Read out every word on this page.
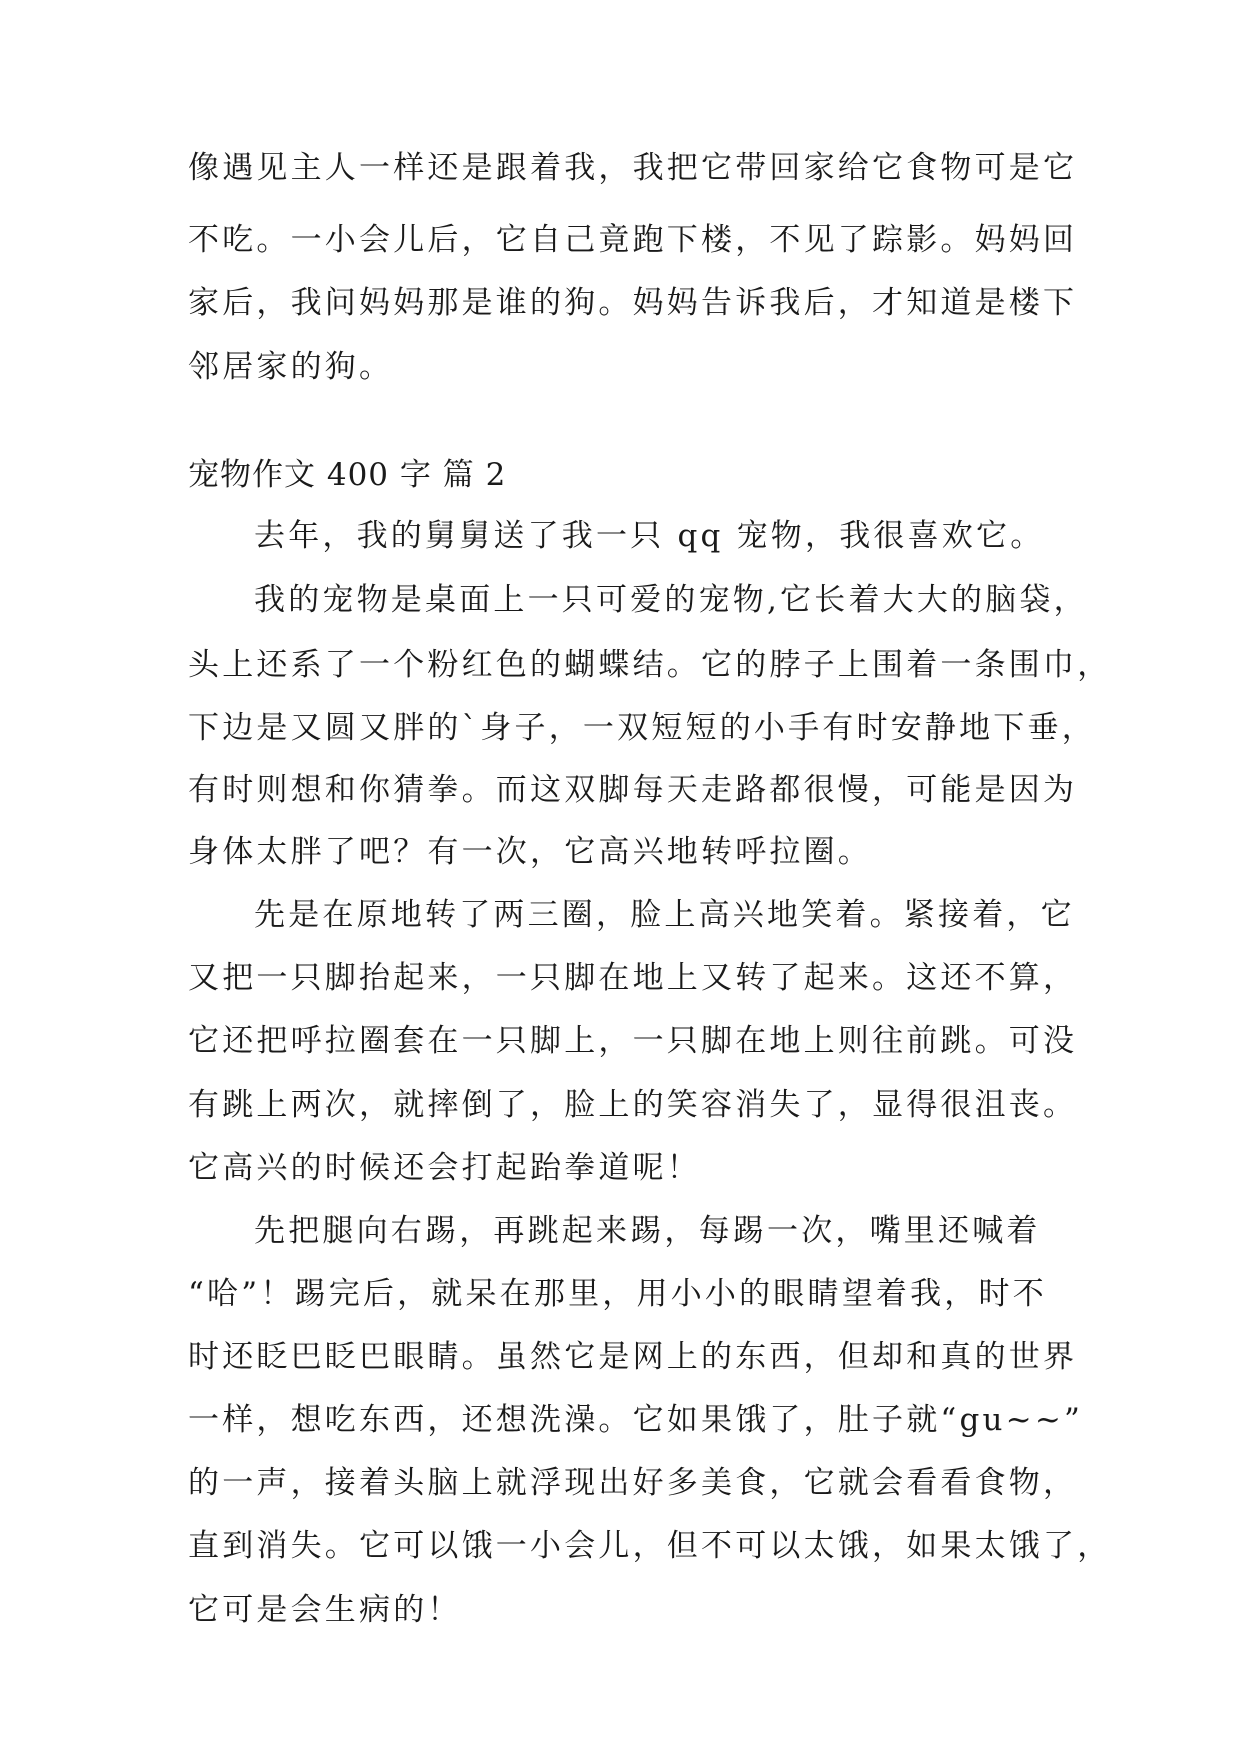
像遇见主人一样还是跟着我，我把它带回家给它食物可是它
不吃。一小会儿后，它自己竟跑下楼，不见了踪影。妈妈回
家后，我问妈妈那是谁的狗。妈妈告诉我后，才知道是楼下
邻居家的狗。
宠物作文 400 字 篇 2
去年，我的舅舅送了我一只 qq 宠物，我很喜欢它。
我的宠物是桌面上一只可爱的宠物,它长着大大的脑袋，
头上还系了一个粉红色的蝴蝶结。它的脖子上围着一条围巾，
下边是又圆又胖的`身子，一双短短的小手有时安静地下垂，
有时则想和你猜拳。而这双脚每天走路都很慢，可能是因为
身体太胖了吧？有一次，它高兴地转呼拉圈。
先是在原地转了两三圈，脸上高兴地笑着。紧接着，它
又把一只脚抬起来，一只脚在地上又转了起来。这还不算，
它还把呼拉圈套在一只脚上，一只脚在地上则往前跳。可没
有跳上两次，就摔倒了，脸上的笑容消失了，显得很沮丧。
它高兴的时候还会打起跆拳道呢！
先把腿向右踢，再跳起来踢，每踢一次，嘴里还喊着
“哈”！踢完后，就呆在那里，用小小的眼睛望着我，时不
时还眨巴眨巴眼睛。虽然它是网上的东西，但却和真的世界
一样，想吃东西，还想洗澡。它如果饿了，肚子就“gu~~”
的一声，接着头脑上就浮现出好多美食，它就会看看食物，
直到消失。它可以饿一小会儿，但不可以太饿，如果太饿了，
它可是会生病的！
